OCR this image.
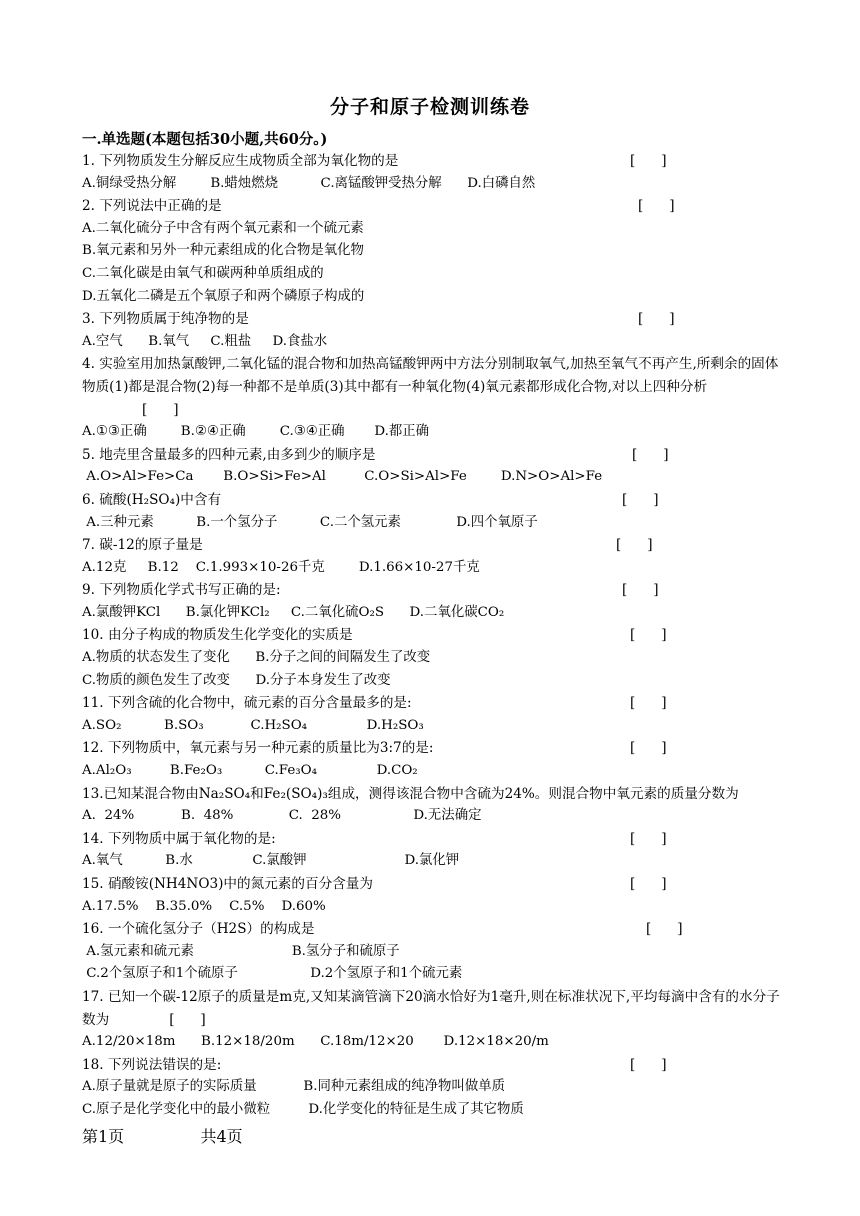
分子和原子检测训练卷
一.单选题(本题包括30小题,共60分。)
1. 下列物质发生分解反应生成物质全部为氧化物的是	[      ]
A.铜绿受热分解        B.蜡烛燃烧          C.离锰酸钾受热分解      D.白磷自然
2. 下列说法中正确的是	[      ]
A.二氧化硫分子中含有两个氧元素和一个硫元素
B.氧元素和另外一种元素组成的化合物是氧化物
C.二氧化碳是由氧气和碳两种单质组成的
D.五氧化二磷是五个氧原子和两个磷原子构成的
3. 下列物质属于纯净物的是	[      ]
A.空气      B.氧气     C.粗盐     D.食盐水
4. 实验室用加热氯酸钾,二氧化锰的混合物和加热高锰酸钾两中方法分别制取氧气,加热至氧气不再产生,所剩余的固体物质(1)都是混合物(2)每一种都不是单质(3)其中都有一种氧化物(4)氧元素都形成化合物,对以上四种分析[      ]
A.①③正确        B.②④正确        C.③④正确       D.都正确
5. 地壳里含量最多的四种元素,由多到少的顺序是	[      ]
A.O>Al>Fe>Ca       B.O>Si>Fe>Al         C.O>Si>Al>Fe        D.N>O>Al>Fe
6. 硫酸(H₂SO₄)中含有	[      ]
A.三种元素          B.一个氢分子          C.二个氢元素             D.四个氧原子
7. 碳-12的原子量是	[      ]
A.12克     B.12    C.1.993×10-26千克        D.1.66×10-27千克
9. 下列物质化学式书写正确的是:	[      ]
A.氯酸钾KCl      B.氯化钾KCl₂     C.二氧化硫O₂S      D.二氧化碳CO₂
10. 由分子构成的物质发生化学变化的实质是	[      ]
A.物质的状态发生了变化      B.分子之间的间隔发生了改变
C.物质的颜色发生了改变      D.分子本身发生了改变
11. 下列含硫的化合物中，硫元素的百分含量最多的是:	[      ]
A.SO₂          B.SO₃           C.H₂SO₄              D.H₂SO₃
12. 下列物质中，氧元素与另一种元素的质量比为3:7的是:	[      ]
A.Al₂O₃         B.Fe₂O₃          C.Fe₃O₄              D.CO₂
13.已知某混合物由Na₂SO₄和Fe₂(SO₄)₃组成，测得该混合物中含硫为24%。则混合物中氧元素的质量分数为
A.  24%           B.  48%             C.  28%                 D.无法确定
14. 下列物质中属于氧化物的是:	[      ]
A.氧气          B.水              C.氯酸钾                       D.氯化钾
15. 硝酸铵(NH4NO3)中的氮元素的百分含量为	[      ]
A.17.5%    B.35.0%    C.5%    D.60%
16. 一个硫化氢分子（H2S）的构成是	[      ]
A.氢元素和硫元素                       B.氢分子和硫原子
C.2个氢原子和1个硫原子                 D.2个氢原子和1个硫元素
17. 已知一个碳-12原子的质量是m克,又知某滴管滴下20滴水恰好为1毫升,则在标准状况下,平均每滴中含有的水分子数为	[      ]
A.12/20×18m      B.12×18/20m      C.18m/12×20       D.12×18×20/m
18. 下列说法错误的是:	[      ]
A.原子量就是原子的实际质量           B.同种元素组成的纯净物叫做单质
C.原子是化学变化中的最小微粒         D.化学变化的特征是生成了其它物质
第1页               共4页
